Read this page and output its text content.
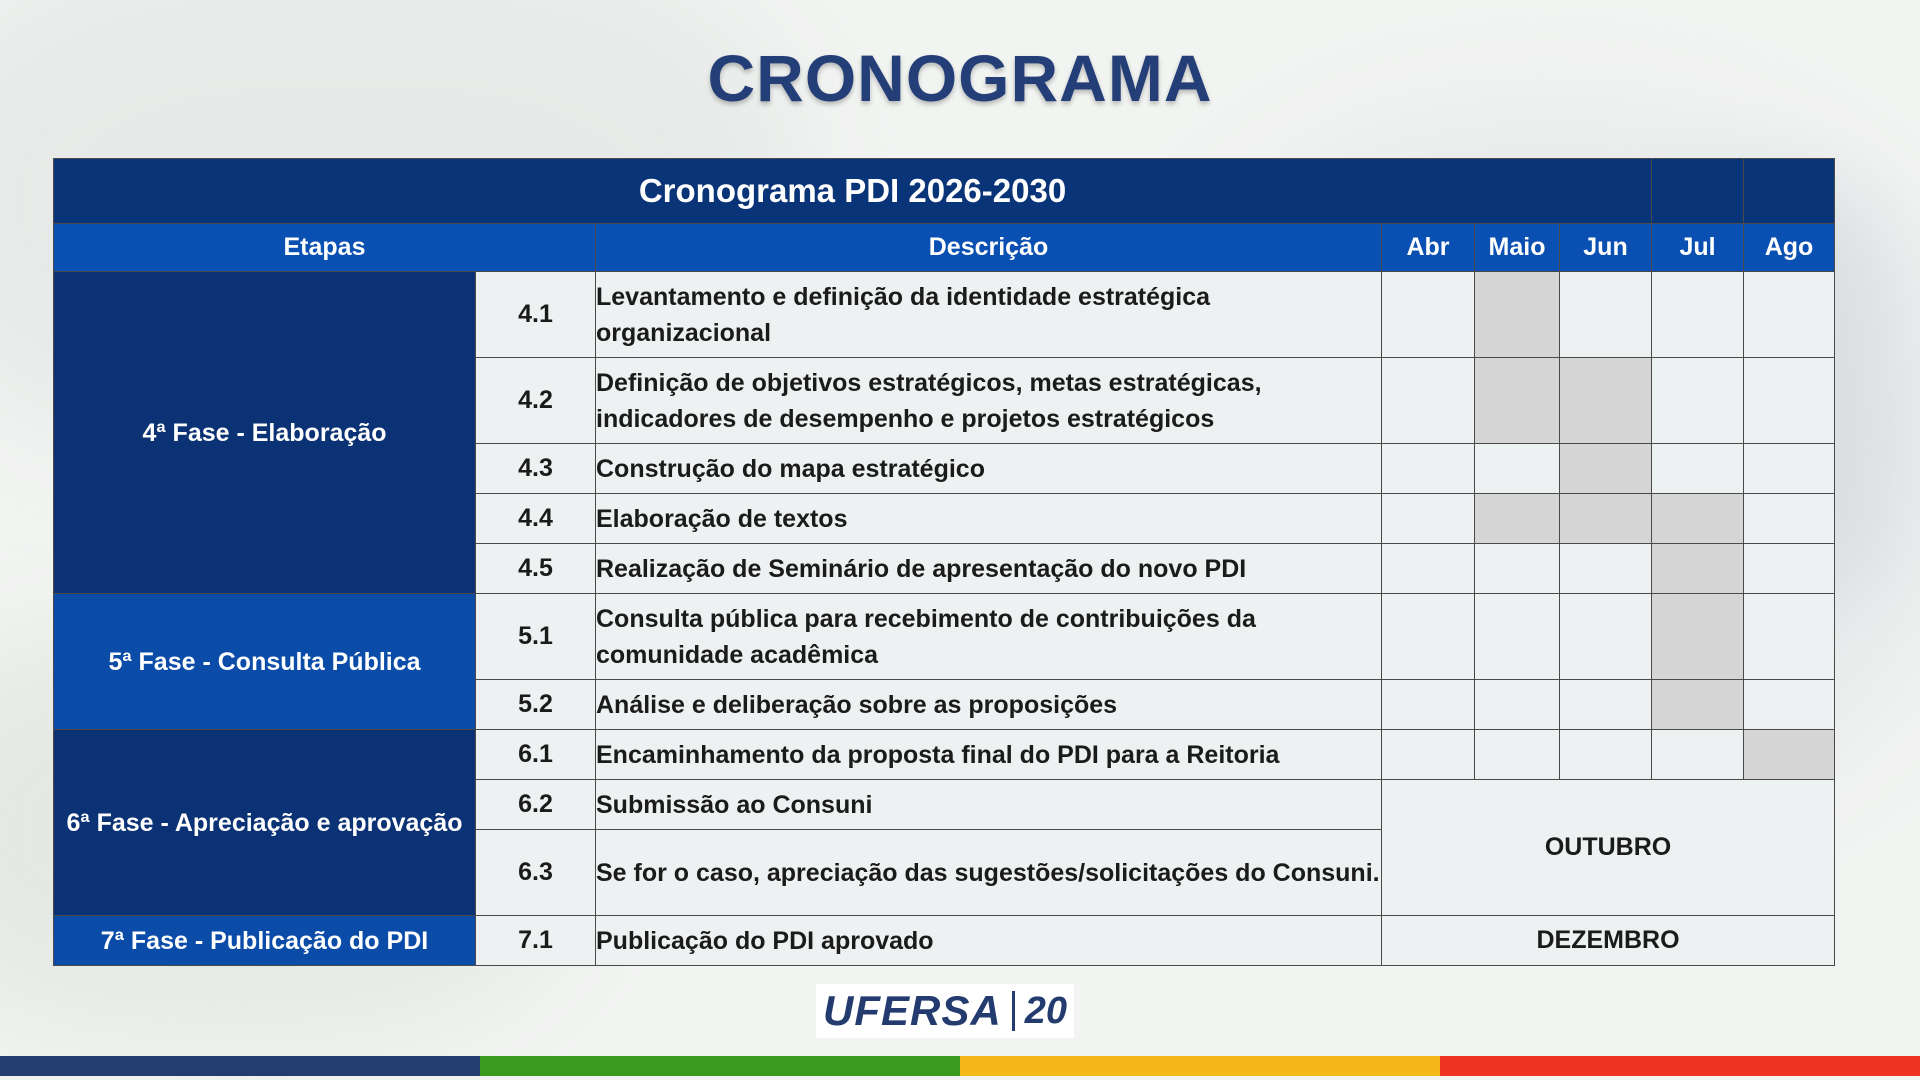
CRONOGRAMA
Cronograma PDI 2026-2030							
Etapas		Descrição	Abr	Maio	Jun	Jul	Ago
4ª Fase - Elaboração	4.1	Levantamento e definição da identidade estratégica organizacional					
	4.2	Definição de objetivos estratégicos, metas estratégicas, indicadores de desempenho e projetos estratégicos					
	4.3	Construção do mapa estratégico					
	4.4	Elaboração de textos					
	4.5	Realização de Seminário de apresentação do novo PDI					
5ª Fase - Consulta Pública	5.1	Consulta pública para recebimento de contribuições da comunidade acadêmica					
	5.2	Análise e deliberação sobre as proposições					
6ª Fase - Apreciação e aprovação	6.1	Encaminhamento da proposta final do PDI para a Reitoria					
	6.2	Submissão ao Consuni	OUTUBRO				
	6.3	Se for o caso, apreciação das sugestões/solicitações do Consuni.					
7ª Fase - Publicação do PDI	7.1	Publicação do PDI aprovado	DEZEMBRO				
UFERSA 20
